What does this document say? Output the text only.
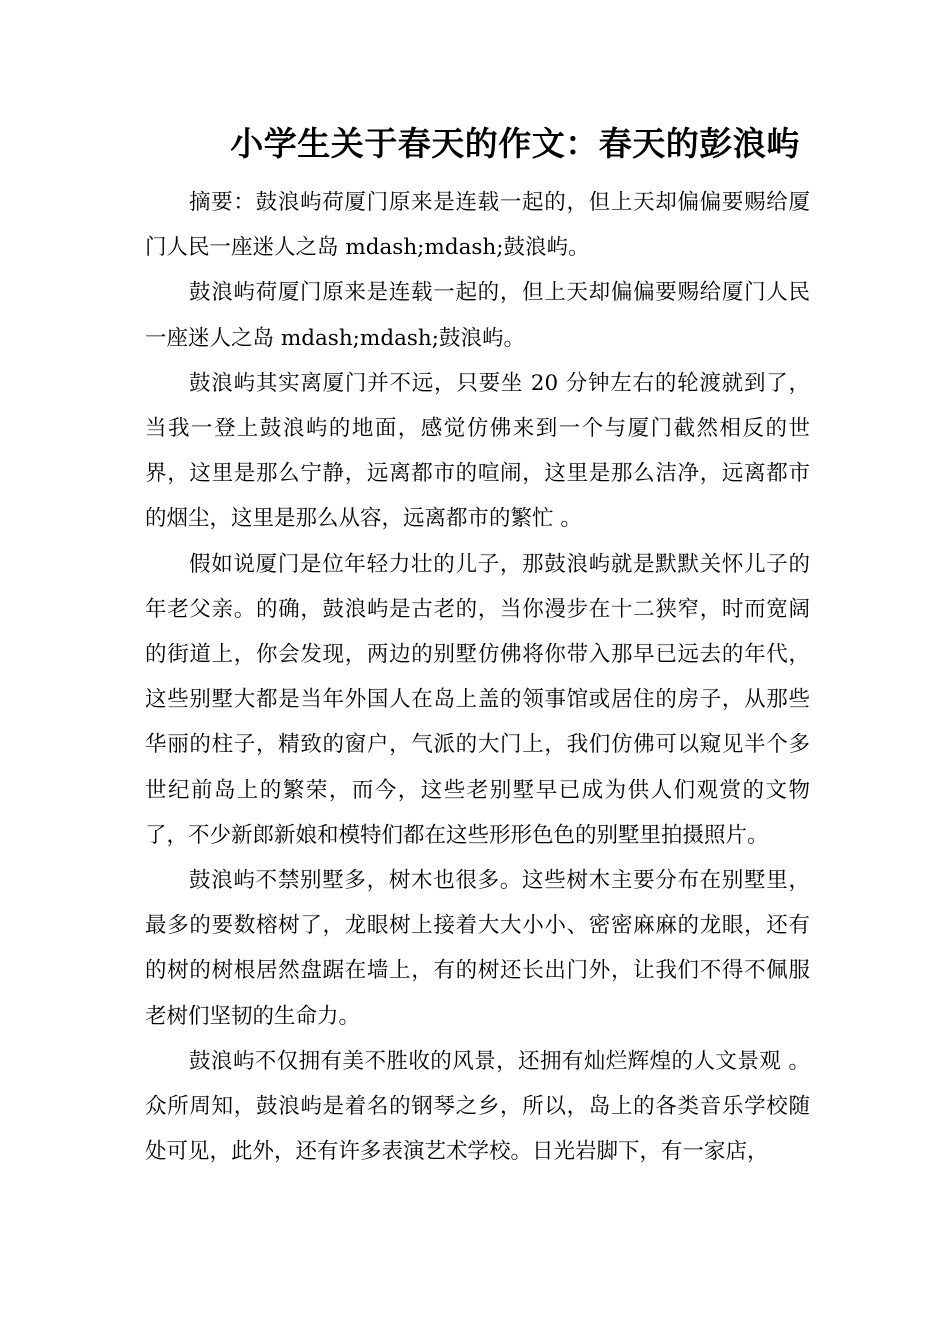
小学生关于春天的作文：春天的彭浪屿

摘要：鼓浪屿荷厦门原来是连载一起的，但上天却偏偏要赐给厦门人民一座迷人之岛 mdash;mdash;鼓浪屿。

鼓浪屿荷厦门原来是连载一起的，但上天却偏偏要赐给厦门人民一座迷人之岛 mdash;mdash;鼓浪屿。

鼓浪屿其实离厦门并不远，只要坐 20 分钟左右的轮渡就到了，当我一登上鼓浪屿的地面，感觉仿佛来到一个与厦门截然相反的世界，这里是那么宁静，远离都市的喧闹，这里是那么洁净，远离都市的烟尘，这里是那么从容，远离都市的繁忙 。

假如说厦门是位年轻力壮的儿子，那鼓浪屿就是默默关怀儿子的年老父亲。的确，鼓浪屿是古老的，当你漫步在十二狭窄，时而宽阔的街道上，你会发现，两边的别墅仿佛将你带入那早已远去的年代，这些别墅大都是当年外国人在岛上盖的领事馆或居住的房子，从那些华丽的柱子，精致的窗户，气派的大门上，我们仿佛可以窥见半个多世纪前岛上的繁荣，而今，这些老别墅早已成为供人们观赏的文物了，不少新郎新娘和模特们都在这些形形色色的别墅里拍摄照片。

鼓浪屿不禁别墅多，树木也很多。这些树木主要分布在别墅里，最多的要数榕树了，龙眼树上接着大大小小、密密麻麻的龙眼，还有的树的树根居然盘踞在墙上，有的树还长出门外，让我们不得不佩服老树们坚韧的生命力。

鼓浪屿不仅拥有美不胜收的风景，还拥有灿烂辉煌的人文景观 。众所周知，鼓浪屿是着名的钢琴之乡，所以，岛上的各类音乐学校随处可见，此外，还有许多表演艺术学校。日光岩脚下，有一家店，
